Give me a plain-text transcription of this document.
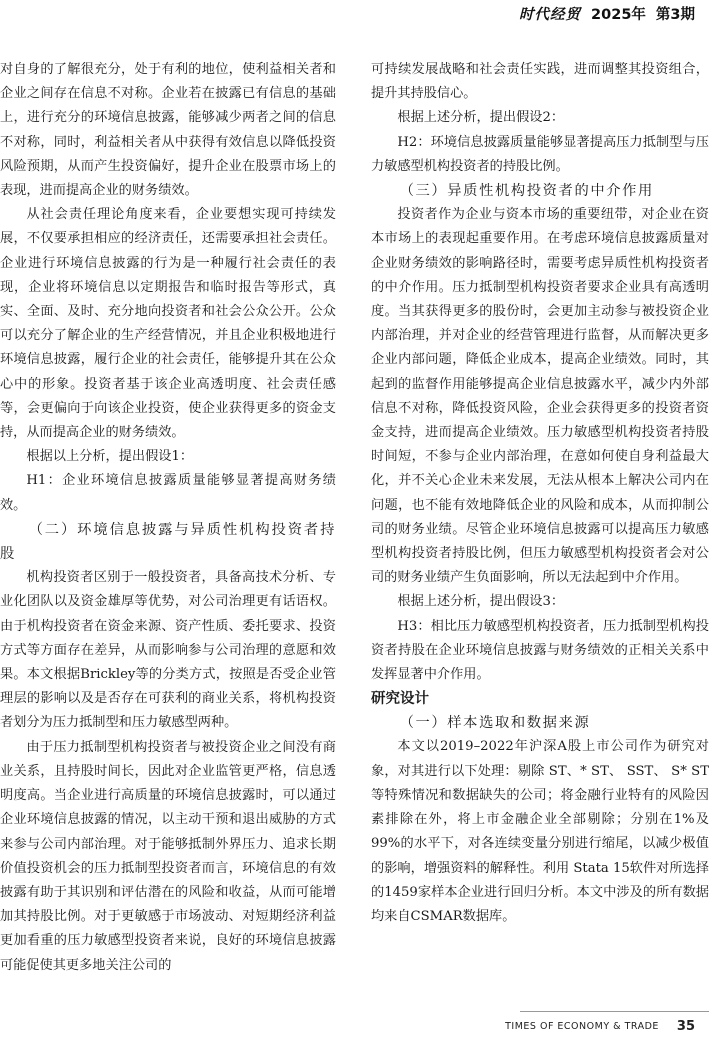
时代经贸 2025年 第3期

对自身的了解很充分，处于有利的地位，使利益相关者和企业之间存在信息不对称。企业若在披露已有信息的基础上，进行充分的环境信息披露，能够减少两者之间的信息不对称，同时，利益相关者从中获得有效信息以降低投资风险预期，从而产生投资偏好，提升企业在股票市场上的表现，进而提高企业的财务绩效。

从社会责任理论角度来看，企业要想实现可持续发展，不仅要承担相应的经济责任，还需要承担社会责任。企业进行环境信息披露的行为是一种履行社会责任的表现，企业将环境信息以定期报告和临时报告等形式，真实、全面、及时、充分地向投资者和社会公众公开。公众可以充分了解企业的生产经营情况，并且企业积极地进行环境信息披露，履行企业的社会责任，能够提升其在公众心中的形象。投资者基于该企业高透明度、社会责任感等，会更偏向于向该企业投资，使企业获得更多的资金支持，从而提高企业的财务绩效。

根据以上分析，提出假设1：

H1：企业环境信息披露质量能够显著提高财务绩效。

（二）环境信息披露与异质性机构投资者持股

机构投资者区别于一般投资者，具备高技术分析、专业化团队以及资金雄厚等优势，对公司治理更有话语权。由于机构投资者在资金来源、资产性质、委托要求、投资方式等方面存在差异，从而影响参与公司治理的意愿和效果。本文根据Brickley等的分类方式，按照是否受企业管理层的影响以及是否存在可获利的商业关系，将机构投资者划分为压力抵制型和压力敏感型两种。

由于压力抵制型机构投资者与被投资企业之间没有商业关系，且持股时间长，因此对企业监管更严格，信息透明度高。当企业进行高质量的环境信息披露时，可以通过企业环境信息披露的情况，以主动干预和退出威胁的方式来参与公司内部治理。对于能够抵制外界压力、追求长期价值投资机会的压力抵制型投资者而言，环境信息的有效披露有助于其识别和评估潜在的风险和收益，从而可能增加其持股比例。对于更敏感于市场波动、对短期经济利益更加看重的压力敏感型投资者来说，良好的环境信息披露可能促使其更多地关注公司的

可持续发展战略和社会责任实践，进而调整其投资组合，提升其持股信心。

根据上述分析，提出假设2：

H2：环境信息披露质量能够显著提高压力抵制型与压力敏感型机构投资者的持股比例。

（三）异质性机构投资者的中介作用

投资者作为企业与资本市场的重要纽带，对企业在资本市场上的表现起重要作用。在考虑环境信息披露质量对企业财务绩效的影响路径时，需要考虑异质性机构投资者的中介作用。压力抵制型机构投资者要求企业具有高透明度。当其获得更多的股份时，会更加主动参与被投资企业内部治理，并对企业的经营管理进行监督，从而解决更多企业内部问题，降低企业成本，提高企业绩效。同时，其起到的监督作用能够提高企业信息披露水平，减少内外部信息不对称，降低投资风险，企业会获得更多的投资者资金支持，进而提高企业绩效。压力敏感型机构投资者持股时间短，不参与企业内部治理，在意如何使自身利益最大化，并不关心企业未来发展，无法从根本上解决公司内在问题，也不能有效地降低企业的风险和成本，从而抑制公司的财务业绩。尽管企业环境信息披露可以提高压力敏感型机构投资者持股比例，但压力敏感型机构投资者会对公司的财务业绩产生负面影响，所以无法起到中介作用。

根据上述分析，提出假设3：

H3：相比压力敏感型机构投资者，压力抵制型机构投资者持股在企业环境信息披露与财务绩效的正相关关系中发挥显著中介作用。

研究设计

（一）样本选取和数据来源

本文以2019–2022年沪深A股上市公司作为研究对象，对其进行以下处理：剔除 ST、* ST、 SST、 S* ST等特殊情况和数据缺失的公司；将金融行业特有的风险因素排除在外，将上市金融企业全部剔除；分别在1%及99%的水平下，对各连续变量分别进行缩尾，以减少极值的影响，增强资料的解释性。利用 Stata 15软件对所选择的1459家样本企业进行回归分析。本文中涉及的所有数据均来自CSMAR数据库。

TIMES OF ECONOMY & TRADE 35
